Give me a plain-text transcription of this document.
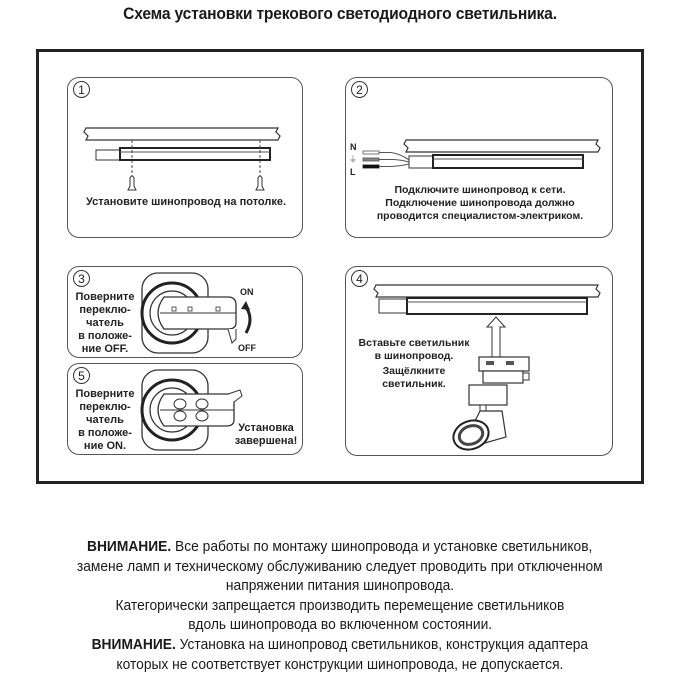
Схема установки трекового светодиодного светильника.
1
Установите шинопровод на потолке.
2
N
⏚
L
Подключите шинопровод к сети.
Подключение шинопровода должно
проводится специалистом-электриком.
3
Поверните
переклю-
чатель
в положе-
ние OFF.
ON
OFF
5
Поверните
переклю-
чатель
в положе-
ние ON.
Установка
завершена!
4
Вставьте светильник
в шинопровод.
Защёлкните
светильник.

ВНИМАНИЕ. Все работы по монтажу шинопровода и установке светильников,

замене ламп и техническому обслуживанию следует проводить при отключенном

напряжении питания шинопровода.

Категорически запрещается производить перемещение светильников

вдоль шинопровода во включенном состоянии.

ВНИМАНИЕ. Установка на шинопровод светильников, конструкция адаптера

которых не соответствует конструкции шинопровода, не допускается.
